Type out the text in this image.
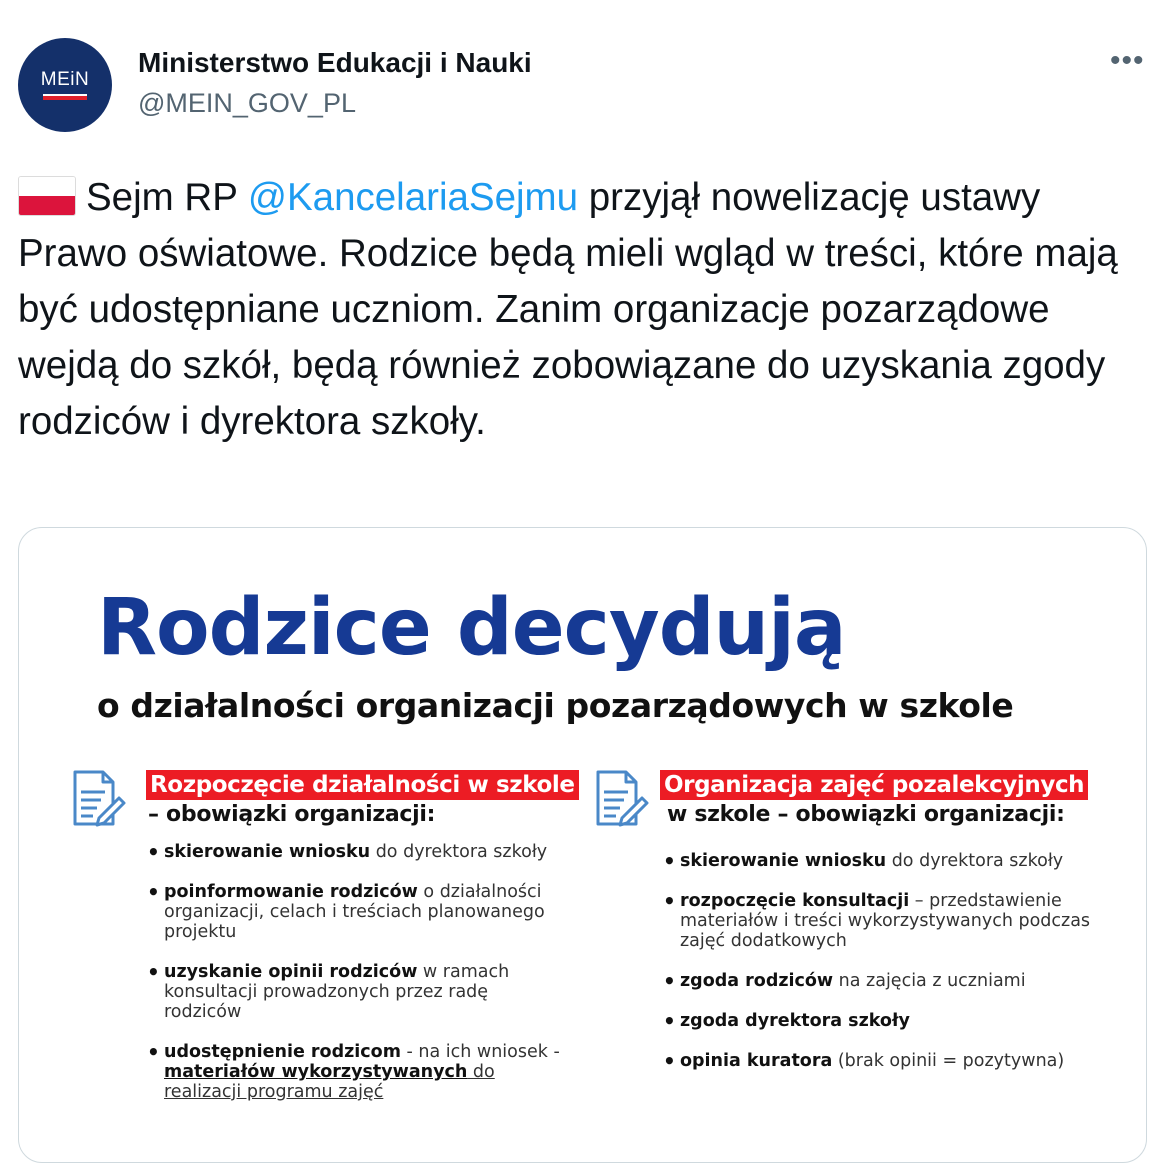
MEiN
Ministerstwo Edukacji i Nauki
@MEIN_GOV_PL
•••
Sejm RP @KancelariaSejmu przyjął nowelizację ustawy Prawo oświatowe. Rodzice będą mieli wgląd w treści, które mają być udostępniane uczniom. Zanim organizacje pozarządowe wejdą do szkół, będą również zobowiązane do uzyskania zgody rodziców i dyrektora szkoły.
Rodzice decydują
o działalności organizacji pozarządowych w szkole
Rozpoczęcie działalności w szkole
– obowiązki organizacji:
• skierowanie wniosku do dyrektora szkoły
• poinformowanie rodziców o działalności organizacji, celach i treściach planowanego projektu
• uzyskanie opinii rodziców w ramach konsultacji prowadzonych przez radę rodziców
• udostępnienie rodzicom - na ich wniosek - materiałów wykorzystywanych do realizacji programu zajęć
Organizacja zajęć pozalekcyjnych
w szkole – obowiązki organizacji:
• skierowanie wniosku do dyrektora szkoły
• rozpoczęcie konsultacji – przedstawienie materiałów i treści wykorzystywanych podczas zajęć dodatkowych
• zgoda rodziców na zajęcia z uczniami
• zgoda dyrektora szkoły
• opinia kuratora (brak opinii = pozytywna)
